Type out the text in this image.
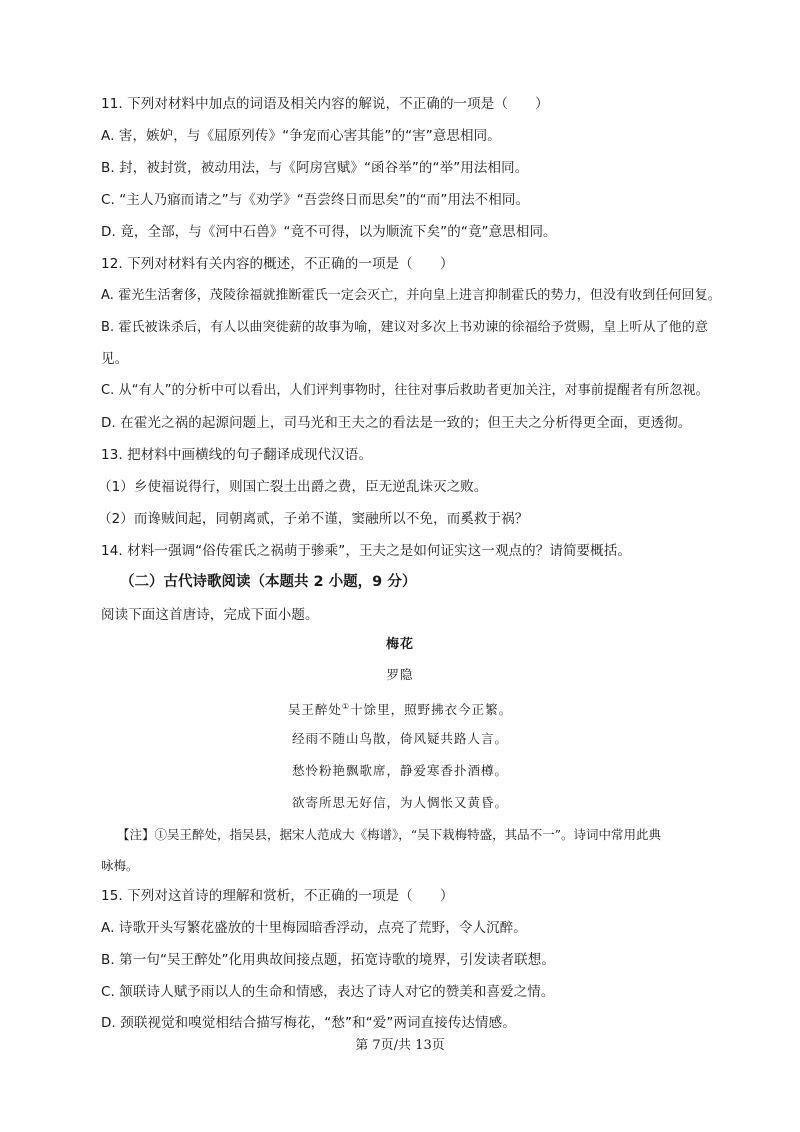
11. 下列对材料中加点的词语及相关内容的解说，不正确的一项是（　　）
A. 害，嫉妒，与《屈原列传》“争宠而心害其能”的“害”意思相同。
B. 封，被封赏，被动用法，与《阿房宫赋》“函谷举”的“举”用法相同。
C. “主人乃寤而请之”与《劝学》“吾尝终日而思矣”的“而”用法不相同。
D. 竟，全部，与《河中石兽》“竟不可得，以为顺流下矣”的“竟”意思相同。
12. 下列对材料有关内容的概述，不正确的一项是（　　）
A. 霍光生活奢侈，茂陵徐福就推断霍氏一定会灭亡，并向皇上进言抑制霍氏的势力，但没有收到任何回复。
B. 霍氏被诛杀后，有人以曲突徙薪的故事为喻，建议对多次上书劝谏的徐福给予赏赐，皇上听从了他的意
见。
C. 从“有人”的分析中可以看出，人们评判事物时，往往对事后救助者更加关注，对事前提醒者有所忽视。
D. 在霍光之祸的起源问题上，司马光和王夫之的看法是一致的；但王夫之分析得更全面，更透彻。
13. 把材料中画横线的句子翻译成现代汉语。
（1）乡使福说得行，则国亡裂土出爵之费，臣无逆乱诛灭之败。
（2）而谗贼间起，同朝离贰，子弟不谨，窦融所以不免，而奚救于祸？
14. 材料一强调“俗传霍氏之祸萌于骖乘”，王夫之是如何证实这一观点的？请简要概括。
（二）古代诗歌阅读（本题共 2 小题，9 分）
阅读下面这首唐诗，完成下面小题。
梅花
罗隐
吴王醉处①十馀里，照野拂衣今正繁。
经雨不随山鸟散，倚风疑共路人言。
愁怜粉艳飘歌席，静爱寒香扑酒樽。
欲寄所思无好信，为人惆怅又黄昏。
【注】①吴王醉处，指吴县，据宋人范成大《梅谱》，“吴下栽梅特盛，其品不一”。诗词中常用此典
咏梅。
15. 下列对这首诗的理解和赏析，不正确的一项是（　　）
A. 诗歌开头写繁花盛放的十里梅园暗香浮动，点亮了荒野，令人沉醉。
B. 第一句“吴王醉处”化用典故间接点题，拓宽诗歌的境界，引发读者联想。
C. 颔联诗人赋予雨以人的生命和情感，表达了诗人对它的赞美和喜爱之情。
D. 颈联视觉和嗅觉相结合描写梅花，“愁”和“爱”两词直接传达情感。
第 7页/共 13页
